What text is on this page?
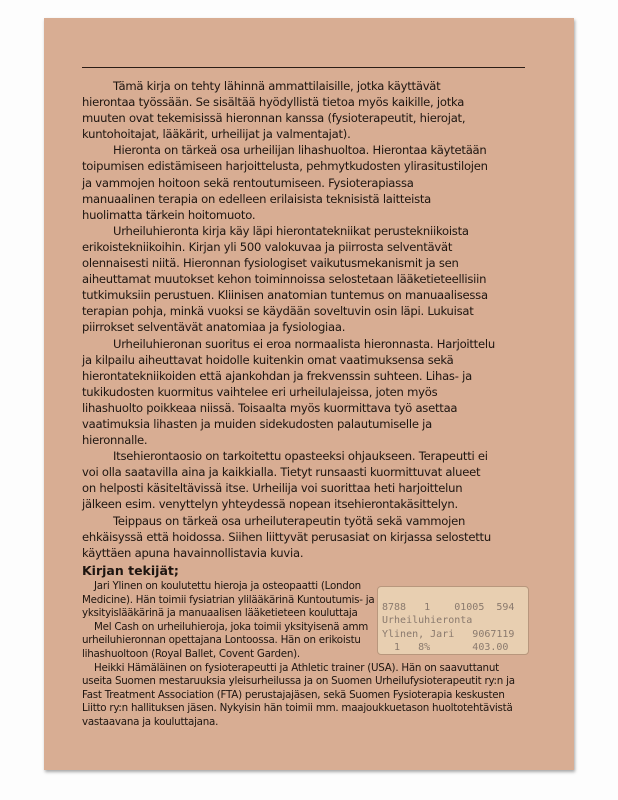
Tämä kirja on tehty lähinnä ammattilaisille, jotka käyttävät
hierontaa työssään. Se sisältää hyödyllistä tietoa myös kaikille, jotka
muuten ovat tekemisissä hieronnan kanssa (fysioterapeutit, hierojat,
kuntohoitajat, lääkärit, urheilijat ja valmentajat).
Hieronta on tärkeä osa urheilijan lihashuoltoa. Hierontaa käytetään
toipumisen edistämiseen harjoittelusta, pehmytkudosten ylirasitustilojen
ja vammojen hoitoon sekä rentoutumiseen. Fysioterapiassa
manuaalinen terapia on edelleen erilaisista teknisistä laitteista
huolimatta tärkein hoitomuoto.
Urheiluhieronta kirja käy läpi hierontatekniikat perustekniikoista
erikoistekniikoihin. Kirjan yli 500 valokuvaa ja piirrosta selventävät
olennaisesti niitä. Hieronnan fysiologiset vaikutusmekanismit ja sen
aiheuttamat muutokset kehon toiminnoissa selostetaan lääketieteellisiin
tutkimuksiin perustuen. Kliinisen anatomian tuntemus on manuaalisessa
terapian pohja, minkä vuoksi se käydään soveltuvin osin läpi. Lukuisat
piirrokset selventävät anatomiaa ja fysiologiaa.
Urheiluhieronan suoritus ei eroa normaalista hieronnasta. Harjoittelu
ja kilpailu aiheuttavat hoidolle kuitenkin omat vaatimuksensa sekä
hierontatekniikoiden että ajankohdan ja frekvenssin suhteen. Lihas- ja
tukikudosten kuormitus vaihtelee eri urheilulajeissa, joten myös
lihashuolto poikkeaa niissä. Toisaalta myös kuormittava työ asettaa
vaatimuksia lihasten ja muiden sidekudosten palautumiselle ja
hieronnalle.
Itsehierontaosio on tarkoitettu opasteeksi ohjaukseen. Terapeutti ei
voi olla saatavilla aina ja kaikkialla. Tietyt runsaasti kuormittuvat alueet
on helposti käsiteltävissä itse. Urheilija voi suorittaa heti harjoittelun
jälkeen esim. venyttelyn yhteydessä nopean itsehierontakäsittelyn.
Teippaus on tärkeä osa urheiluterapeutin työtä sekä vammojen
ehkäisyssä että hoidossa. Siihen liittyvät perusasiat on kirjassa selostettu
käyttäen apuna havainnollistavia kuvia.
Kirjan tekijät;
Jari Ylinen on koulutettu hieroja ja osteopaatti (London
Medicine). Hän toimii fysiatrian ylilääkärinä Kuntoutumis- ja
yksityislääkärinä ja manuaalisen lääketieteen kouluttaja
Mel Cash on urheiluhieroja, joka toimii yksityisenä amm
urheiluhieronnan opettajana Lontoossa. Hän on erikoistu
lihashuoltoon (Royal Ballet, Covent Garden).
Heikki Hämäläinen on fysioterapeutti ja Athletic trainer (USA). Hän on saavuttanut
useita Suomen mestaruuksia yleisurheilussa ja on Suomen Urheilufysioterapeutit ry:n ja
Fast Treatment Association (FTA) perustajajäsen, sekä Suomen Fysioterapia keskusten
Liitto ry:n hallituksen jäsen. Nykyisin hän toimii mm. maajoukkuetason huoltotehtävistä
vastaavana ja kouluttajana.

8788   1    01005  594
Urheiluhieronta
Ylinen, Jari   9067119
1   8%       403.00
